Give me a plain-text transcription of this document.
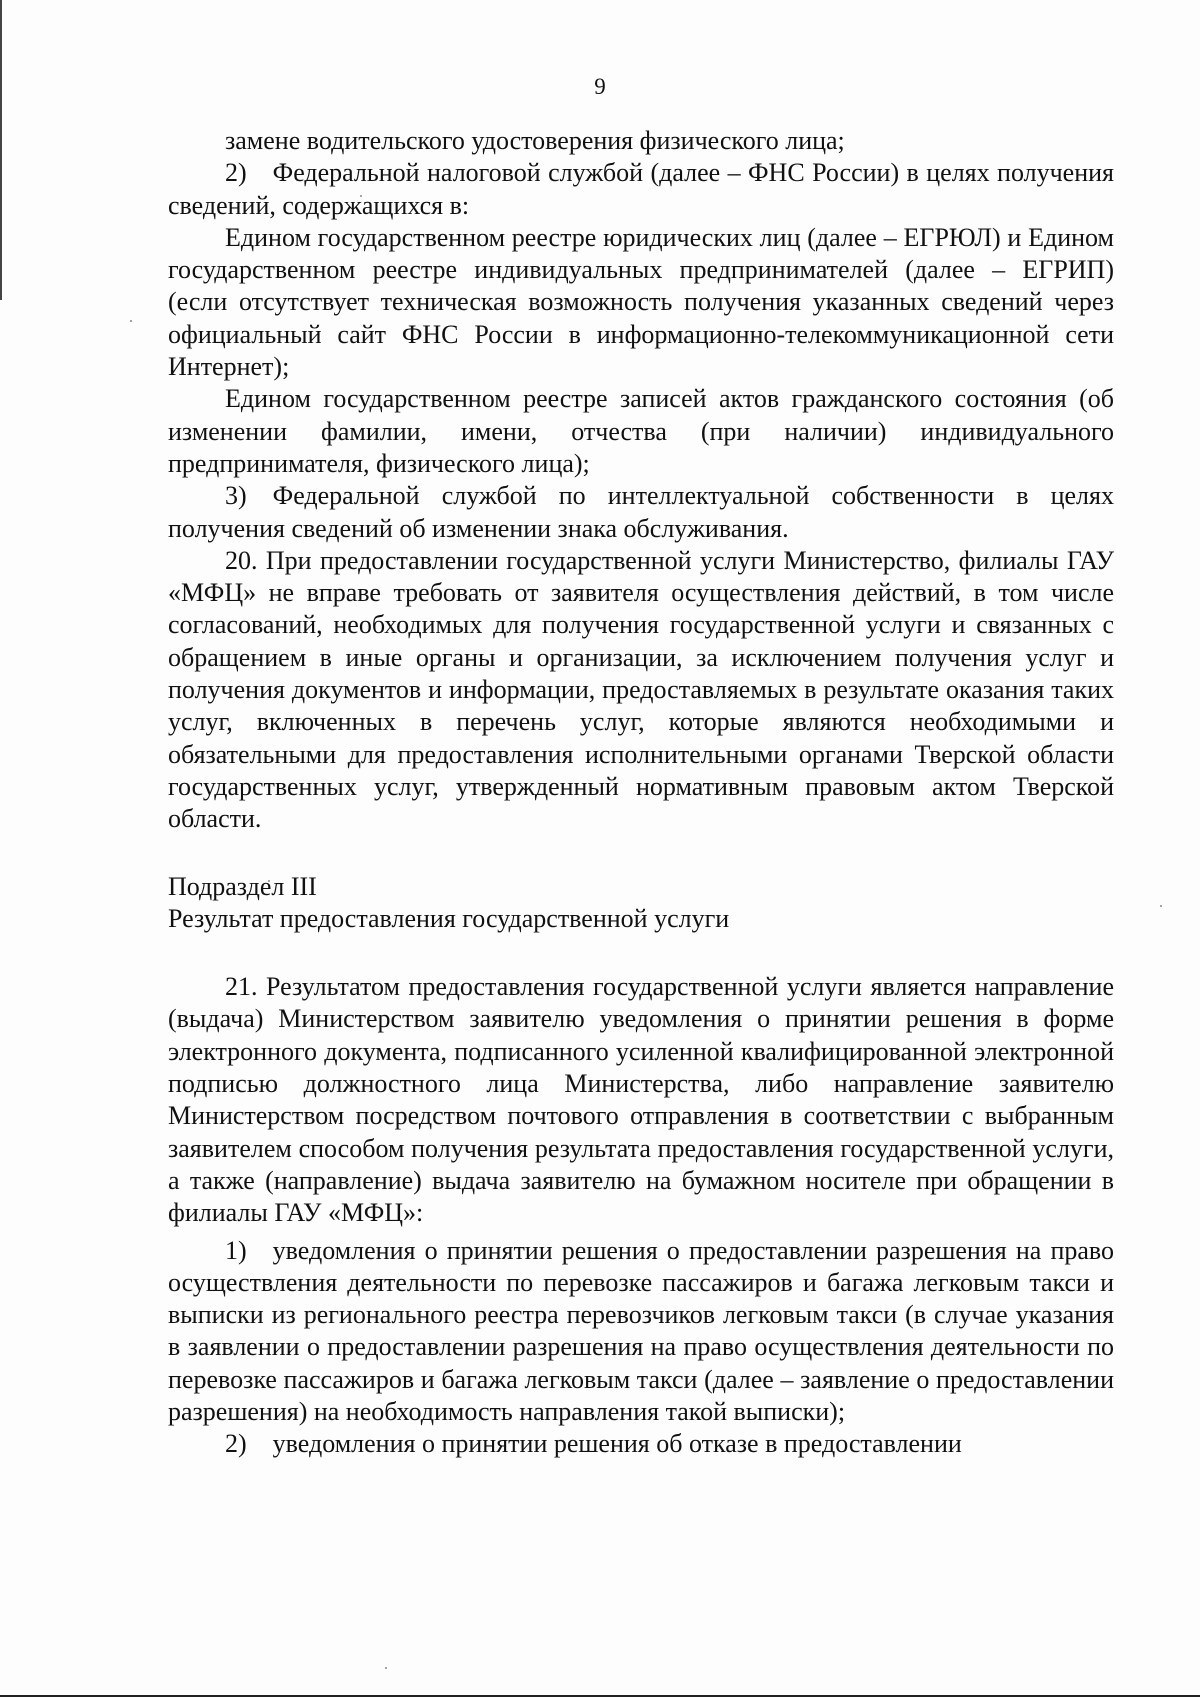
9

замене водительского удостоверения физического лица;

2) Федеральной налоговой службой (далее – ФНС России) в целях получения сведений, содержащихся в:

Едином государственном реестре юридических лиц (далее – ЕГРЮЛ) и Едином государственном реестре индивидуальных предпринимателей (далее – ЕГРИП) (если отсутствует техническая возможность получения указанных сведений через официальный сайт ФНС России в информационно-телекоммуникационной сети Интернет);

Едином государственном реестре записей актов гражданского состояния (об изменении фамилии, имени, отчества (при наличии) индивидуального предпринимателя, физического лица);

3) Федеральной службой по интеллектуальной собственности в целях получения сведений об изменении знака обслуживания.

20. При предоставлении государственной услуги Министерство, филиалы ГАУ «МФЦ» не вправе требовать от заявителя осуществления действий, в том числе согласований, необходимых для получения государственной услуги и связанных с обращением в иные органы и организации, за исключением получения услуг и получения документов и информации, предоставляемых в результате оказания таких услуг, включенных в перечень услуг, которые являются необходимыми и обязательными для предоставления исполнительными органами Тверской области государственных услуг, утвержденный нормативным правовым актом Тверской области.

Подраздел III

Результат предоставления государственной услуги

21. Результатом предоставления государственной услуги является направление (выдача) Министерством заявителю уведомления о принятии решения в форме электронного документа, подписанного усиленной квалифицированной электронной подписью должностного лица Министерства, либо направление заявителю Министерством посредством почтового отправления в соответствии с выбранным заявителем способом получения результата предоставления государственной услуги, а также (направление) выдача заявителю на бумажном носителе при обращении в филиалы ГАУ «МФЦ»:

1) уведомления о принятии решения о предоставлении разрешения на право осуществления деятельности по перевозке пассажиров и багажа легковым такси и выписки из регионального реестра перевозчиков легковым такси (в случае указания в заявлении о предоставлении разрешения на право осуществления деятельности по перевозке пассажиров и багажа легковым такси (далее – заявление о предоставлении разрешения) на необходимость направления такой выписки);

2) уведомления о принятии решения об отказе в предоставлении
